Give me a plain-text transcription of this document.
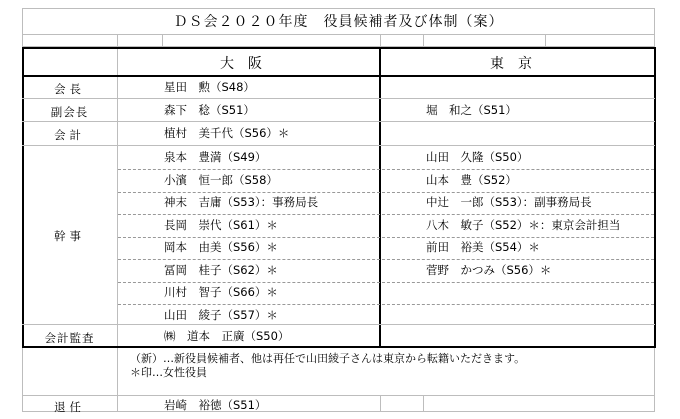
ＤＳ会２０２０年度　役員候補者及び体制（案）
大阪	東京
会長	星田　勲（S48）
副会長	森下　稔（S51）	堀　和之（S51）
会計	植村　美千代（S56）＊
幹事
泉本　豊満（S49）	山田　久隆（S50）
小濱　恒一郎（S58）	山本　豊（S52）
神末　吉庸（S53）：事務局長	中辻　一郎（S53）：副事務局長
長岡　崇代（S61）＊	八木　敏子（S52）＊：東京会計担当
岡本　由美（S56）＊	前田　裕美（S54）＊
冨岡　桂子（S62）＊	菅野　かつみ（S56）＊
川村　智子（S66）＊
山田　綾子（S57）＊
会計監査	㈱　道本　正廣（S50）
（新）…新役員候補者、他は再任で山田綾子さんは東京から転籍いただきます。
＊印…女性役員
退任	岩崎　裕徳（S51）
